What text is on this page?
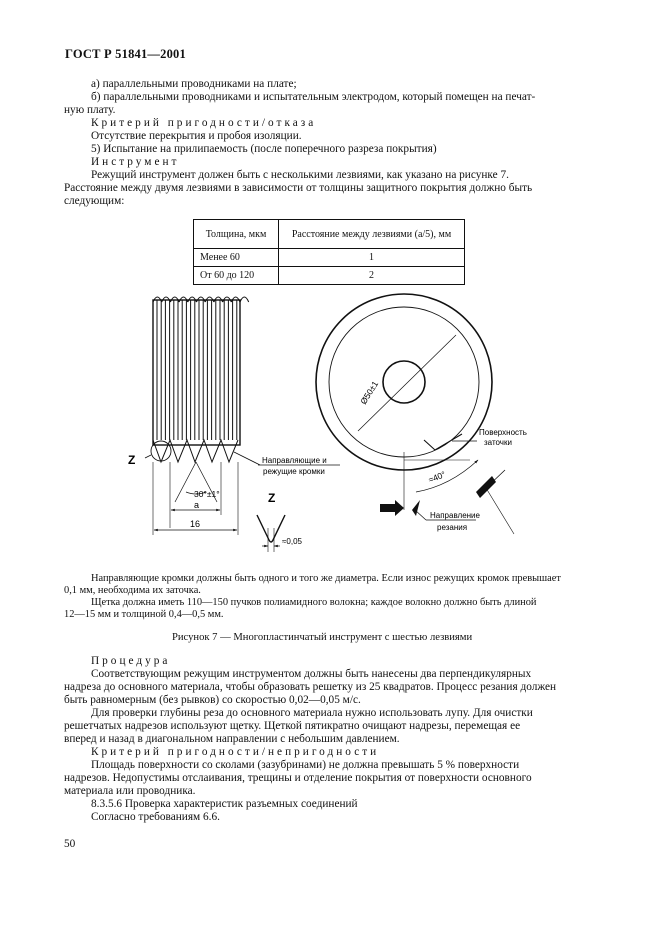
ГОСТ Р 51841—2001
а) параллельными проводниками на плате;
б) параллельными проводниками и испытательным электродом, который помещен на печат-
ную плату.
Критерий пригодности/отказа
Отсутствие перекрытия и пробоя изоляции.
5) Испытание на прилипаемость (после поперечного разреза покрытия)
Инструмент
Режущий инструмент должен быть с несколькими лезвиями, как указано на рисунке 7.
Расстояние между двумя лезвиями в зависимости от толщины защитного покрытия должно быть
следующим:
Толщина, мкм	Расстояние между лезвиями (a/5), мм
Менее 60	1
От 60 до 120	2
Z	Направляющие и
режущие кромки
30°±1°
a
16
Z
≈0,05
Ø50±1
Поверхность
заточки
≈40°
Направление
резания
Направляющие кромки должны быть одного и того же диаметра. Если износ режущих кромок превышает
0,1 мм, необходима их заточка.
Щетка должна иметь 110—150 пучков полиамидного волокна; каждое волокно должно быть длиной
12—15 мм и толщиной 0,4—0,5 мм.
Рисунок 7 — Многопластинчатый инструмент с шестью лезвиями
Процедура
Соответствующим режущим инструментом должны быть нанесены два перпендикулярных
надреза до основного материала, чтобы образовать решетку из 25 квадратов. Процесс резания должен
быть равномерным (без рывков) со скоростью 0,02—0,05 м/с.
Для проверки глубины реза до основного материала нужно использовать лупу. Для очистки
решетчатых надрезов используют щетку. Щеткой пятикратно очищают надрезы, перемещая ее
вперед и назад в диагональном направлении с небольшим давлением.
Критерий пригодности/непригодности
Площадь поверхности со сколами (зазубринами) не должна превышать 5 % поверхности
надрезов. Недопустимы отслаивания, трещины и отделение покрытия от поверхности основного
материала или проводника.
8.3.5.6 Проверка характеристик разъемных соединений
Согласно требованиям 6.6.
50
